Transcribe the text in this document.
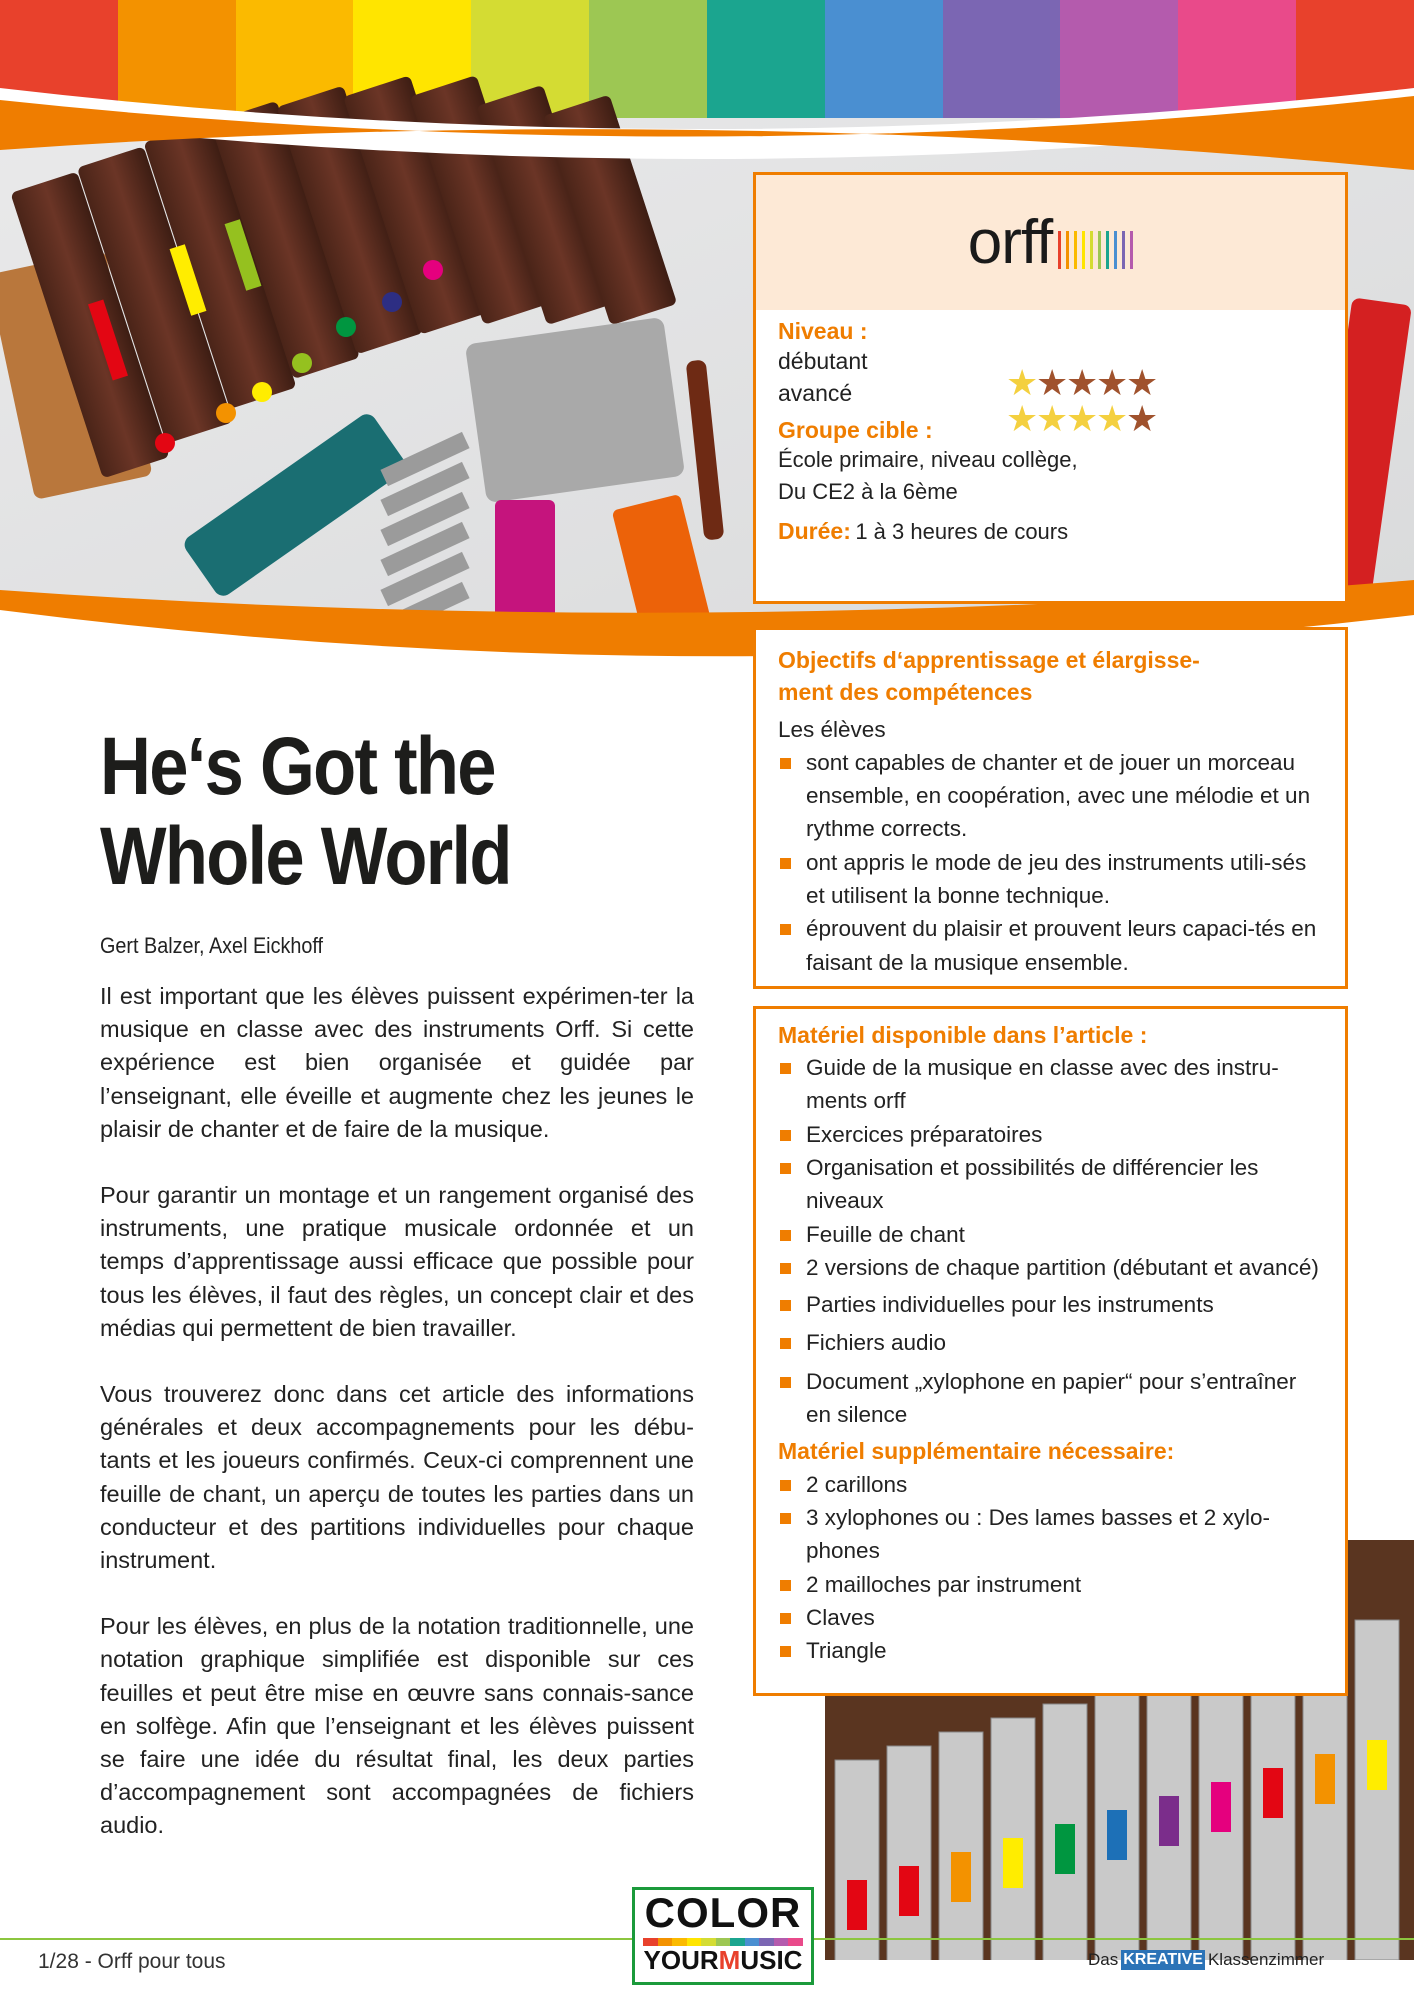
orff
Niveau :
débutant
avancé
Groupe cible :
École primaire, niveau collège,
Du CE2 à la 6ème
Durée: 1 à 3 heures de cours
★
★
★
★
★
★
★
★
★
★
Objectifs d‘apprentissage et élargisse-
ment des compétences
Les élèves
sont capables de chanter et de jouer un morceau ensemble, en coopération, avec une mélodie et un rythme corrects.
ont appris le mode de jeu des instruments utili-sés et utilisent la bonne technique.
éprouvent du plaisir et prouvent leurs capaci-tés en faisant de la musique ensemble.
Matériel disponible dans l’article :
Guide de la musique en classe avec des instru-ments orff
Exercices préparatoires
Organisation et possibilités de différencier les niveaux
Feuille de chant
2 versions de chaque partition (débutant et avancé)
Parties individuelles pour les instruments
Fichiers audio
Document „xylophone en papier“ pour s’entraîner en silence
Matériel supplémentaire nécessaire:
2 carillons
3 xylophones ou : Des lames basses et 2 xylo-phones
2 mailloches par instrument
Claves
Triangle
He‘s Got the
Whole World
Gert Balzer, Axel Eickhoff

Il est important que les élèves puissent expérimen-ter la musique en classe avec des instruments Orff. Si cette expérience est bien organisée et guidée par l’enseignant, elle éveille et augmente chez les jeunes le plaisir de chanter et de faire de la musique.

Pour garantir un montage et un rangement organisé des instruments, une pratique musicale ordonnée et un temps d’apprentissage aussi efficace que possible pour tous les élèves, il faut des règles, un concept clair et des médias qui permettent de bien travailler.

Vous trouverez donc dans cet article des informations générales et deux accompagnements pour les débu-tants et les joueurs confirmés. Ceux-ci comprennent une feuille de chant, un aperçu de toutes les parties dans un conducteur et des partitions individuelles pour chaque instrument.

Pour les élèves, en plus de la notation traditionnelle, une notation graphique simplifiée est disponible sur ces feuilles et peut être mise en œuvre sans connais-sance en solfège. Afin que l’enseignant et les élèves puissent se faire une idée du résultat final, les deux parties d’accompagnement sont accompagnées de fichiers audio.

1/28 - Orff pour tous
COLOR
YOURMUSIC	Das KREATIVE Klassenzimmer
